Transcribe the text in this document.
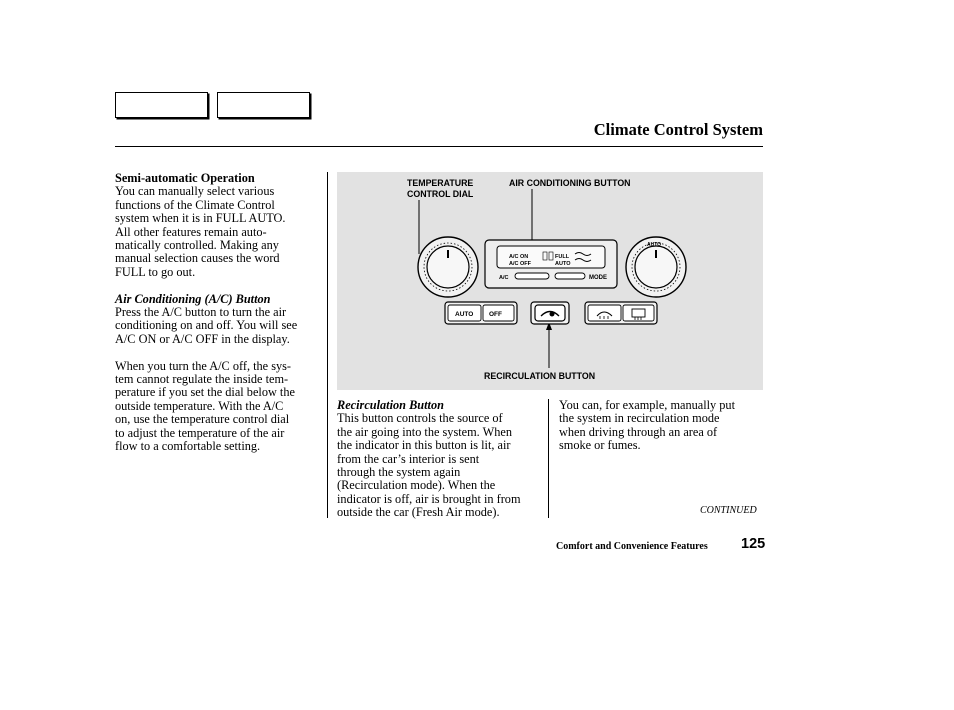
Climate Control System

Semi-automatic Operation

You can manually select various

functions of the Climate Control

system when it is in FULL AUTO.

All other features remain auto-

matically controlled. Making any

manual selection causes the word

FULL to go out.

Air Conditioning (A/C) Button

Press the A/C button to turn the air

conditioning on and off. You will see

A/C ON or A/C OFF in the display.

When you turn the A/C off, the sys-

tem cannot regulate the inside tem-

perature if you set the dial below the

outside temperature. With the A/C

on, use the temperature control dial

to adjust the temperature of the air

flow to a comfortable setting.

TEMPERATURE
CONTROL DIAL
AIR CONDITIONING BUTTON
RECIRCULATION BUTTON
A/C ON
A/C OFF
FULL
AUTO
A/C	MODE
AUTO
AUTO OFF

Recirculation Button

This button controls the source of

the air going into the system. When

the indicator in this button is lit, air

from the car’s interior is sent

through the system again

(Recirculation mode). When the

indicator is off, air is brought in from

outside the car (Fresh Air mode).

You can, for example, manually put

the system in recirculation mode

when driving through an area of

smoke or fumes.

CONTINUED
Comfort and Convenience Features 125
